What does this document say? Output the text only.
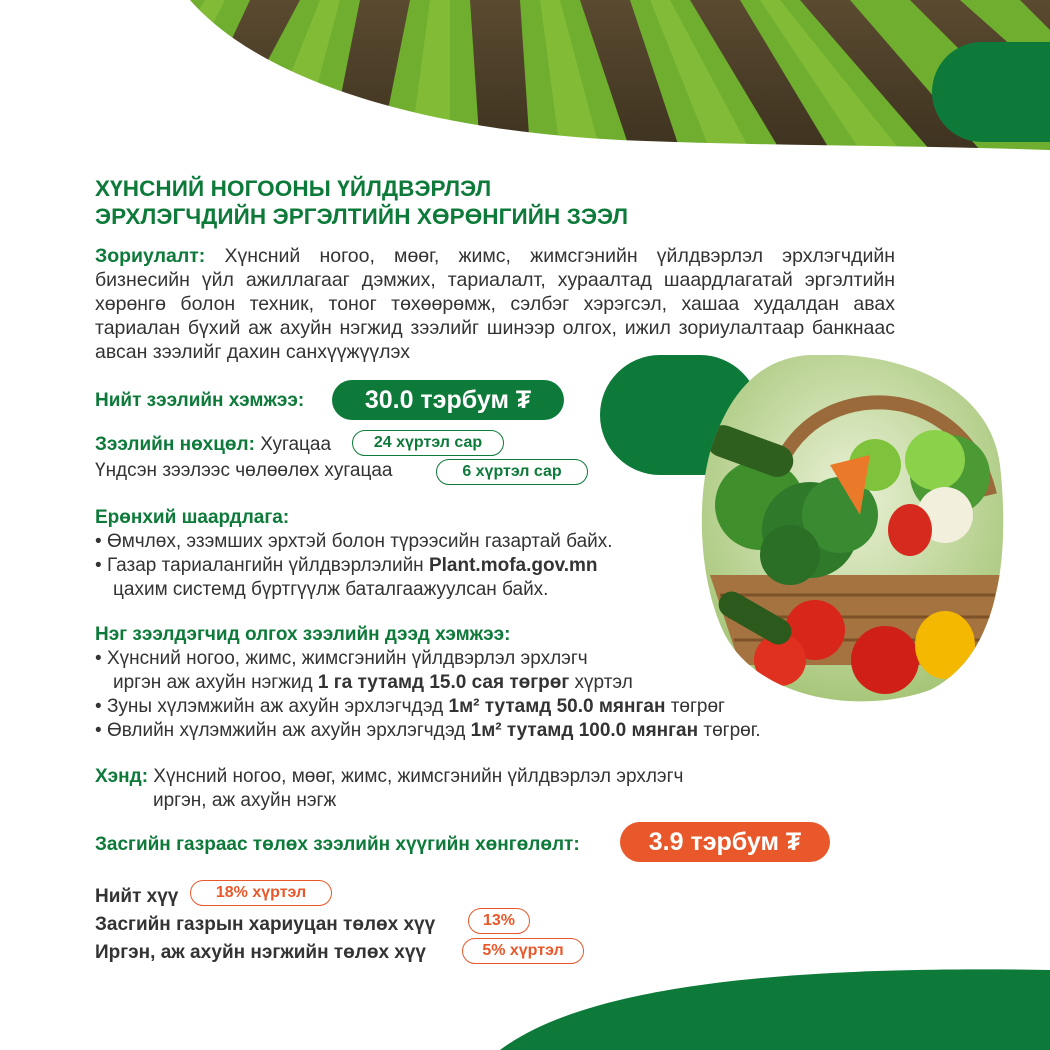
ХҮНСНИЙ НОГООНЫ ҮЙЛДВЭРЛЭЛ
ЭРХЛЭГЧДИЙН ЭРГЭЛТИЙН ХӨРӨНГИЙН ЗЭЭЛ
Зориулалт: Хүнсний ногоо, мөөг, жимс, жимсгэнийн үйлдвэрлэл эрхлэгчдийн бизнесийн үйл ажиллагааг дэмжих, тариалалт, хураалтад шаардлагатай эргэлтийн хөрөнгө болон техник, тоног төхөөрөмж, сэлбэг хэрэгсэл, хашаа худалдан авах тариалан бүхий аж ахуйн нэгжид зээлийг шинээр олгох, ижил зориулалтаар банкнаас авсан зээлийг дахин санхүүжүүлэх
Нийт зээлийн хэмжээ:	30.0 тэрбум ₮
Зээлийн нөхцөл: Хугацаа	24 хүртэл сар
Үндсэн зээлээс чөлөөлөх хугацаа	6 хүртэл сар
Ерөнхий шаардлага:
• Өмчлөх, эзэмших эрхтэй болон түрээсийн газартай байх.
• Газар тариалангийн үйлдвэрлэлийн Plant.mofa.gov.mn
цахим системд бүртгүүлж баталгаажуулсан байх.
Нэг зээлдэгчид олгох зээлийн дээд хэмжээ:
• Хүнсний ногоо, жимс, жимсгэнийн үйлдвэрлэл эрхлэгч
иргэн аж ахуйн нэгжид 1 га тутамд 15.0 сая төгрөг хүртэл
• Зуны хүлэмжийн аж ахуйн эрхлэгчдэд 1м² тутамд 50.0 мянган төгрөг
• Өвлийн хүлэмжийн аж ахуйн эрхлэгчдэд 1м² тутамд 100.0 мянган төгрөг.
Хэнд: Хүнсний ногоо, мөөг, жимс, жимсгэнийн үйлдвэрлэл эрхлэгч
иргэн, аж ахуйн нэгж
Засгийн газраас төлөх зээлийн хүүгийн хөнгөлөлт:	3.9 тэрбум ₮
Нийт хүү	18% хүртэл
Засгийн газрын хариуцан төлөх хүү	13%
Иргэн, аж ахуйн нэгжийн төлөх хүү	5% хүртэл
